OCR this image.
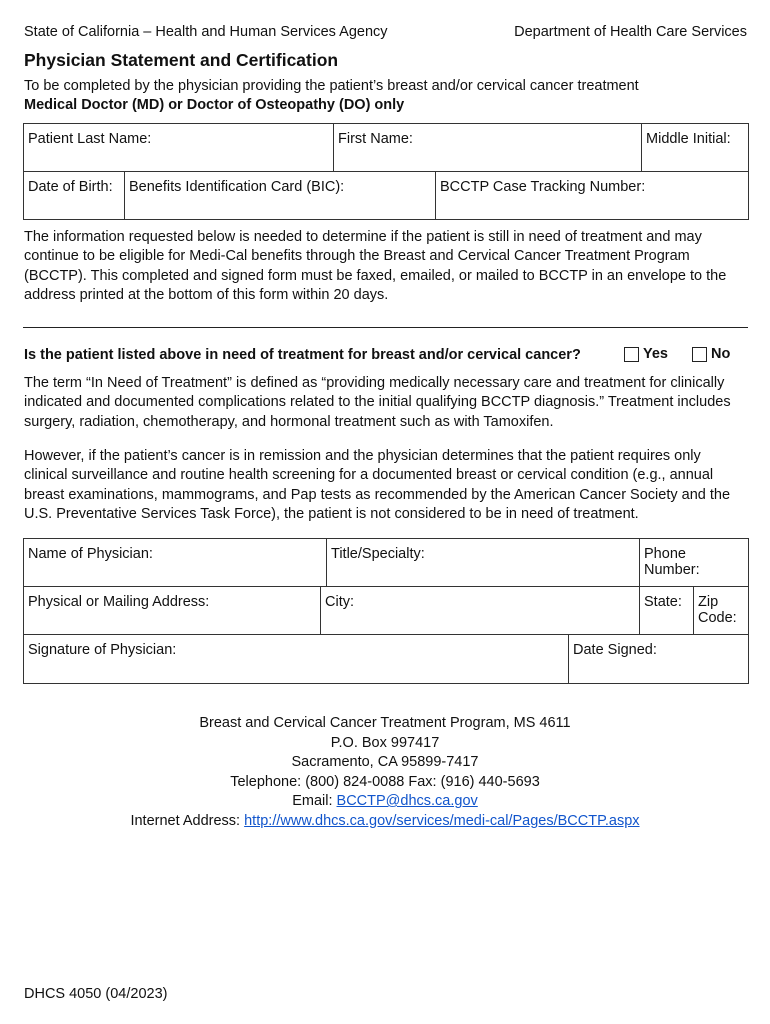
State of California – Health and Human Services Agency	Department of Health Care Services
Physician Statement and Certification
To be completed by the physician providing the patient’s breast and/or cervical cancer treatment
Medical Doctor (MD) or Doctor of Osteopathy (DO) only
Patient Last Name:		First Name:		Middle Initial:
Date of Birth:	Benefits Identification Card (BIC):		BCCTP Case Tracking Number:	
The information requested below is needed to determine if the patient is still in need of treatment and may continue to be eligible for Medi-Cal benefits through the Breast and Cervical Cancer Treatment Program (BCCTP). This completed and signed form must be faxed, emailed, or mailed to BCCTP in an envelope to the address printed at the bottom of this form within 20 days.
Is the patient listed above in need of treatment for breast and/or cervical cancer?	Yes	No
The term “In Need of Treatment” is defined as “providing medically necessary care and treatment for clinically indicated and documented complications related to the initial qualifying BCCTP diagnosis.” Treatment includes surgery, radiation, chemotherapy, and hormonal treatment such as with Tamoxifen.
However, if the patient’s cancer is in remission and the physician determines that the patient requires only clinical surveillance and routine health screening for a documented breast or cervical condition (e.g., annual breast examinations, mammograms, and Pap tests as recommended by the American Cancer Society and the U.S. Preventative Services Task Force), the patient is not considered to be in need of treatment.
Name of Physician:		Title/Specialty:		Phone Number:	
Physical or Mailing Address:	City:			State:	Zip Code:
Signature of Physician:			Date Signed:		
Breast and Cervical Cancer Treatment Program, MS 4611
P.O. Box 997417
Sacramento, CA 95899-7417
Telephone: (800) 824-0088 Fax: (916) 440-5693
Email: BCCTP@dhcs.ca.gov
Internet Address: http://www.dhcs.ca.gov/services/medi-cal/Pages/BCCTP.aspx
DHCS 4050 (04/2023)
